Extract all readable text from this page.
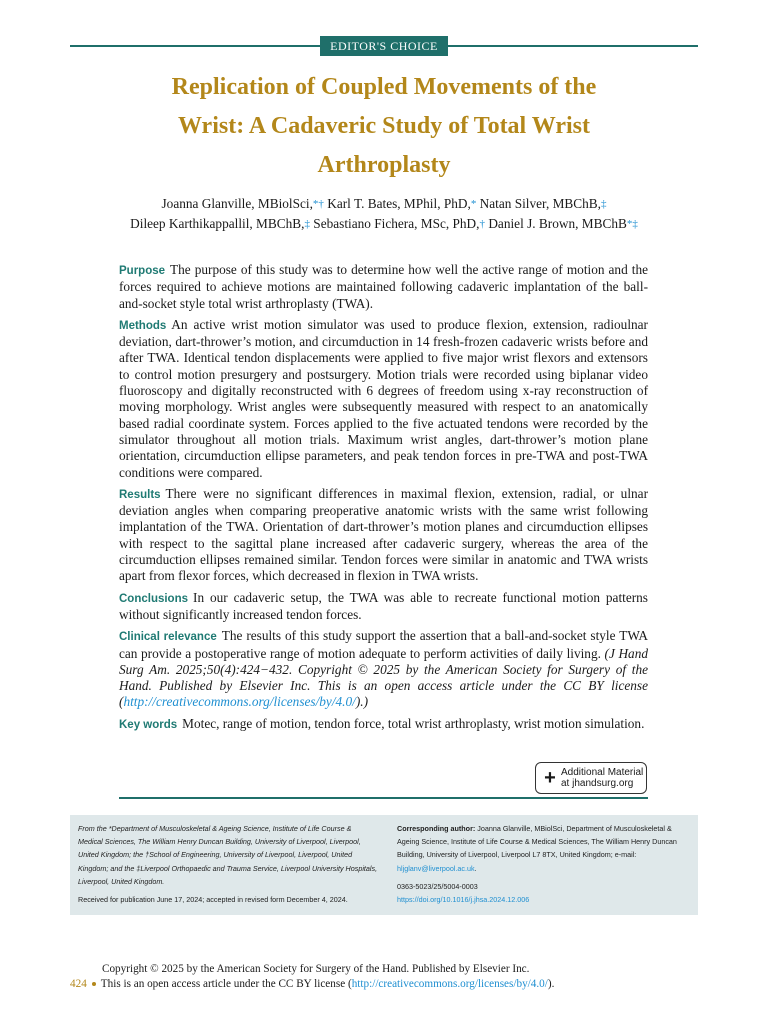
EDITOR'S CHOICE
Replication of Coupled Movements of the
Wrist: A Cadaveric Study of Total Wrist
Arthroplasty
Joanna Glanville, MBiolSci,*† Karl T. Bates, MPhil, PhD,* Natan Silver, MBChB,‡
Dileep Karthikappallil, MBChB,‡ Sebastiano Fichera, MSc, PhD,† Daniel J. Brown, MBChB*‡

Purpose The purpose of this study was to determine how well the active range of motion and the forces required to achieve motions are maintained following cadaveric implantation of the ball-and-socket style total wrist arthroplasty (TWA).

Methods An active wrist motion simulator was used to produce flexion, extension, radioulnar deviation, dart-thrower’s motion, and circumduction in 14 fresh-frozen cadaveric wrists before and after TWA. Identical tendon displacements were applied to five major wrist flexors and extensors to control motion presurgery and postsurgery. Motion trials were recorded using biplanar video fluoroscopy and digitally reconstructed with 6 degrees of freedom using x-ray reconstruction of moving morphology. Wrist angles were subsequently measured with respect to an anatomically based radial coordinate system. Forces applied to the five actuated tendons were recorded by the simulator throughout all motion trials. Maximum wrist angles, dart-thrower’s motion plane orientation, circumduction ellipse parameters, and peak tendon forces in pre-TWA and post-TWA conditions were compared.

Results There were no significant differences in maximal flexion, extension, radial, or ulnar deviation angles when comparing preoperative anatomic wrists with the same wrist following implantation of the TWA. Orientation of dart-thrower’s motion planes and circumduction ellipses with respect to the sagittal plane increased after cadaveric surgery, whereas the area of the circumduction ellipses remained similar. Tendon forces were similar in anatomic and TWA wrists apart from flexor forces, which decreased in flexion in TWA wrists.

Conclusions In our cadaveric setup, the TWA was able to recreate functional motion patterns without significantly increased tendon forces.

Clinical relevance The results of this study support the assertion that a ball-and-socket style TWA can provide a postoperative range of motion adequate to perform activities of daily living. (J Hand Surg Am. 2025;50(4):424−432. Copyright © 2025 by the American Society for Surgery of the Hand. Published by Elsevier Inc. This is an open access article under the CC BY license (http://creativecommons.org/licenses/by/4.0/).)

Key words Motec, range of motion, tendon force, total wrist arthroplasty, wrist motion simulation.

+ Additional Material
at jhandsurg.org
From the *Department of Musculoskeletal & Ageing Science, Institute of Life Course & Medical Sciences, The William Henry Duncan Building, University of Liverpool, Liverpool, United Kingdom; the †School of Engineering, University of Liverpool, Liverpool, United Kingdom; and the ‡Liverpool Orthopaedic and Trauma Service, Liverpool University Hospitals, Liverpool, United Kingdom.
Received for publication June 17, 2024; accepted in revised form December 4, 2024.
Corresponding author: Joanna Glanville, MBiolSci, Department of Musculoskeletal & Ageing Science, Institute of Life Course & Medical Sciences, The William Henry Duncan Building, University of Liverpool, Liverpool L7 8TX, United Kingdom; e-mail: hljglanv@liverpool.ac.uk.
0363-5023/25/5004-0003
https://doi.org/10.1016/j.jhsa.2024.12.006
Copyright © 2025 by the American Society for Surgery of the Hand. Published by Elsevier Inc.
424 This is an open access article under the CC BY license (http://creativecommons.org/licenses/by/4.0/).
